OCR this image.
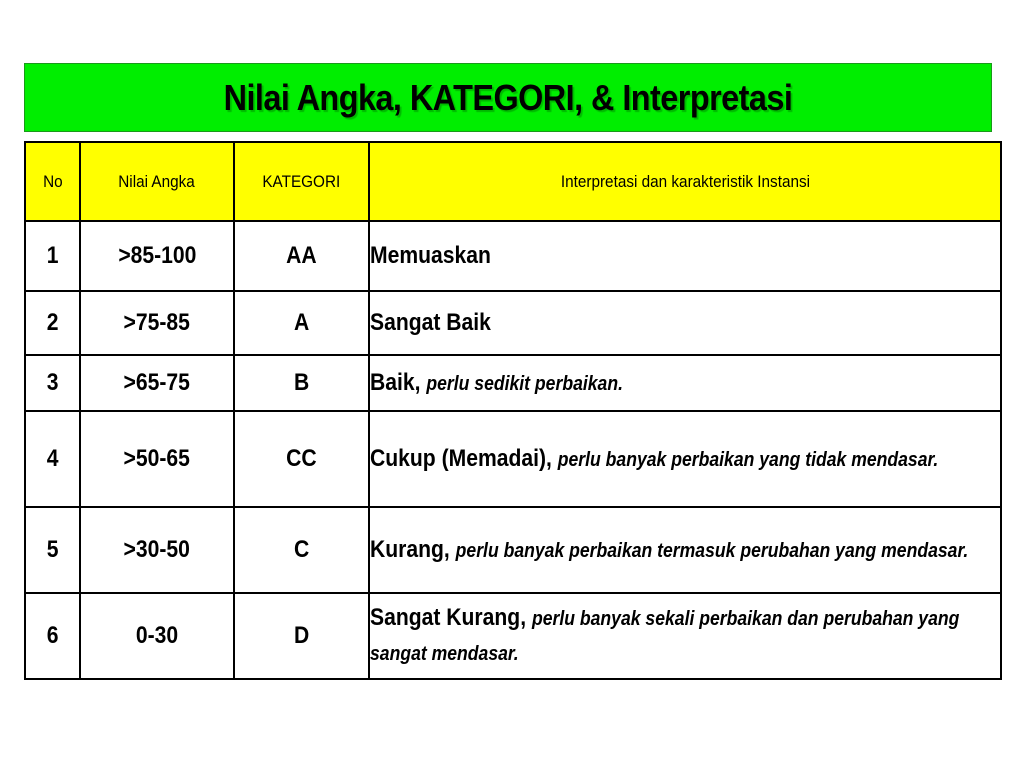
Nilai Angka, KATEGORI, & Interpretasi
No	Nilai Angka	KATEGORI	Interpretasi dan karakteristik Instansi
1	>85-100	AA	Memuaskan

2	>75-85	A	Sangat Baik

3	>65-75	B	Baik, perlu sedikit perbaikan.

4	>50-65	CC	Cukup (Memadai), perlu banyak perbaikan yang tidak mendasar.

5	>30-50	C	Kurang, perlu banyak perbaikan termasuk perubahan yang mendasar.

6	0-30	D	Sangat Kurang, perlu banyak sekali perbaikan dan perubahan yang sangat mendasar.
